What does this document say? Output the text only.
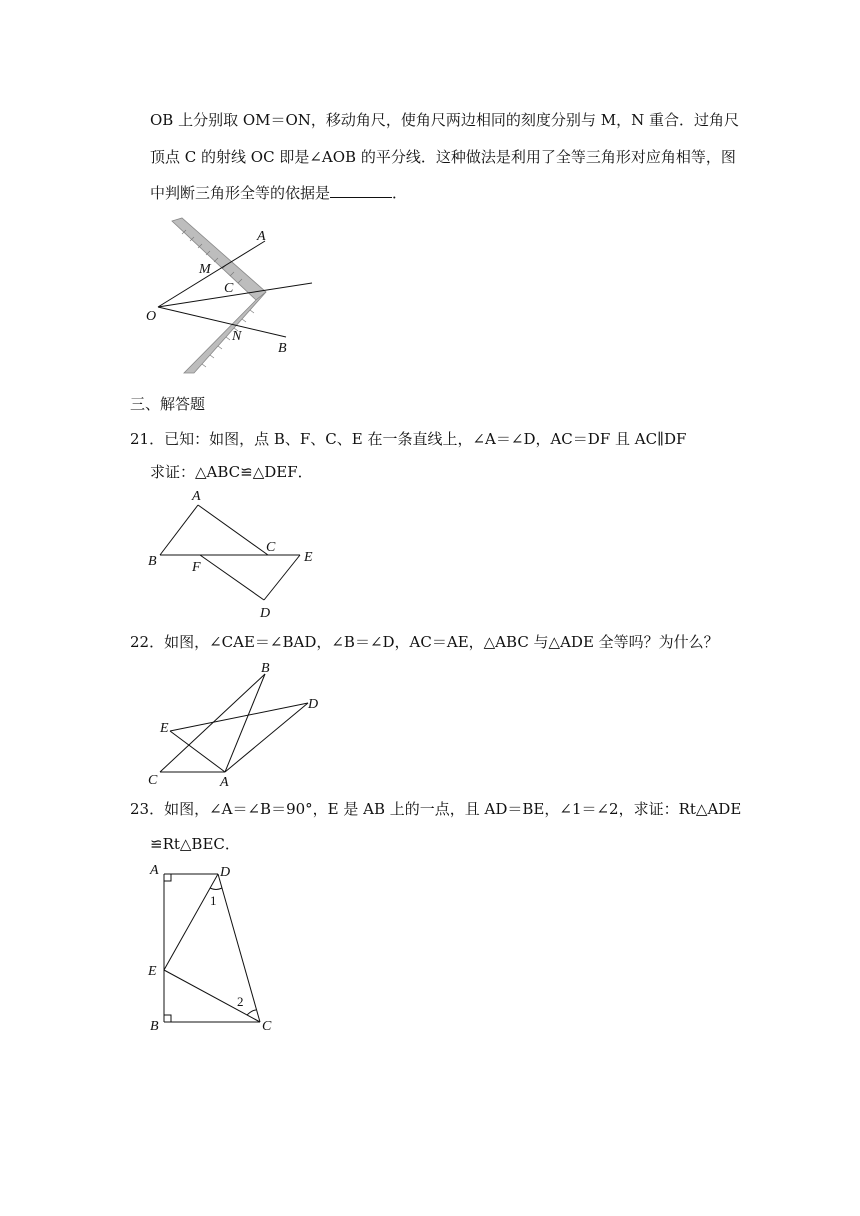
OB 上分别取 OM＝ON，移动角尺，使角尺两边相同的刻度分别与 M，N 重合．过角尺
顶点 C 的射线 OC 即是∠AOB 的平分线．这种做法是利用了全等三角形对应角相等，图
中判断三角形全等的依据是	．
A
M
C
O
N
B
三、解答题
21．已知：如图，点 B、F、C、E 在一条直线上，∠A＝∠D，AC＝DF 且 AC∥DF
求证：△ABC≌△DEF．
A
B	F
C
E
D
22．如图，∠CAE＝∠BAD，∠B＝∠D，AC＝AE，△ABC 与△ADE 全等吗？为什么？
B
D
E
C	A
23．如图，∠A＝∠B＝90°，E 是 AB 上的一点，且 AD＝BE，∠1＝∠2，求证：Rt△ADE
≌Rt△BEC．
A	D
1
E
2
B	C
